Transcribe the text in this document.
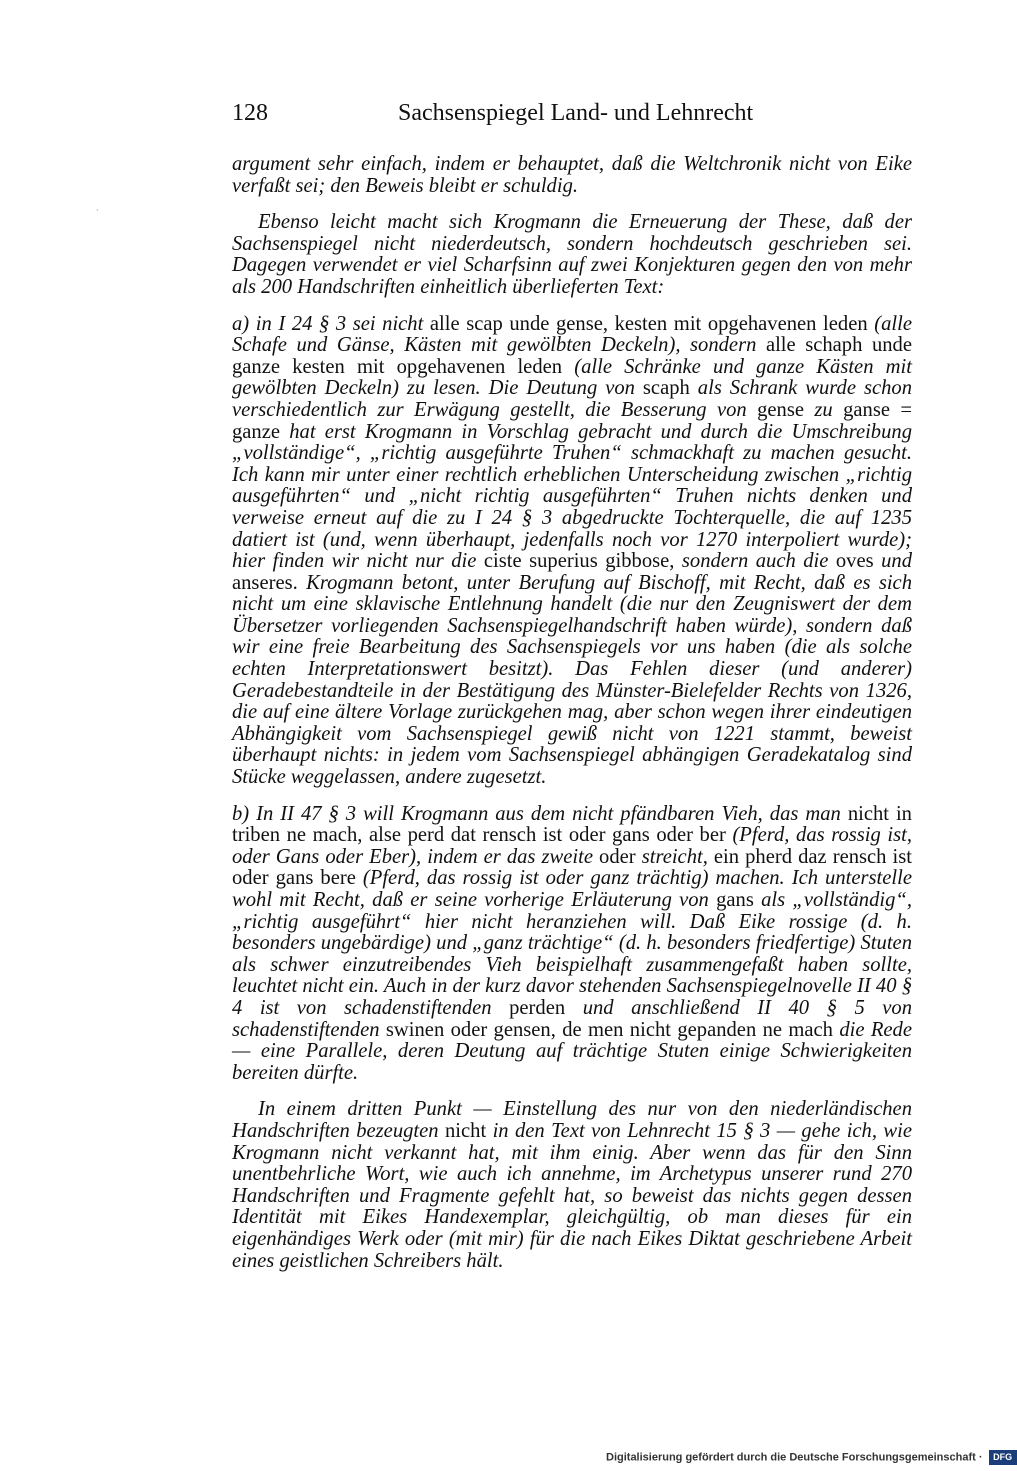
128	Sachsenspiegel Land- und Lehnrecht
`

argument sehr einfach, indem er behauptet, daß die Weltchronik nicht von Eike verfaßt sei; den Beweis bleibt er schuldig.

Ebenso leicht macht sich Krogmann die Erneuerung der These, daß der Sachsenspiegel nicht niederdeutsch, sondern hochdeutsch geschrieben sei. Dagegen verwendet er viel Scharfsinn auf zwei Konjekturen gegen den von mehr als 200 Handschriften einheitlich überlieferten Text:

a) in I 24 § 3 sei nicht alle scap unde gense, kesten mit opgehavenen leden (alle Schafe und Gänse, Kästen mit gewölbten Deckeln), sondern alle schaph unde ganze kesten mit opgehavenen leden (alle Schränke und ganze Kästen mit gewölbten Deckeln) zu lesen. Die Deutung von scaph als Schrank wurde schon verschiedentlich zur Erwägung gestellt, die Besserung von gense zu ganse = ganze hat erst Krogmann in Vorschlag gebracht und durch die Umschreibung „vollständige“, „richtig ausgeführte Truhen“ schmackhaft zu machen gesucht. Ich kann mir unter einer rechtlich erheblichen Unterscheidung zwischen „richtig ausgeführten“ und „nicht richtig ausgeführten“ Truhen nichts denken und verweise erneut auf die zu I 24 § 3 abgedruckte Tochterquelle, die auf 1235 datiert ist (und, wenn überhaupt, jedenfalls noch vor 1270 interpoliert wurde); hier finden wir nicht nur die ciste superius gibbose, sondern auch die oves und anseres. Krogmann betont, unter Berufung auf Bischoff, mit Recht, daß es sich nicht um eine sklavische Entlehnung handelt (die nur den Zeugniswert der dem Übersetzer vorliegenden Sachsenspiegelhandschrift haben würde), sondern daß wir eine freie Bearbeitung des Sachsenspiegels vor uns haben (die als solche echten Interpretationswert besitzt). Das Fehlen dieser (und anderer) Geradebestandteile in der Bestätigung des Münster-Bielefelder Rechts von 1326, die auf eine ältere Vorlage zurückgehen mag, aber schon wegen ihrer eindeutigen Abhängigkeit vom Sachsenspiegel gewiß nicht von 1221 stammt, beweist überhaupt nichts: in jedem vom Sachsenspiegel abhängigen Geradekatalog sind Stücke weggelassen, andere zugesetzt.

b) In II 47 § 3 will Krogmann aus dem nicht pfändbaren Vieh, das man nicht in triben ne mach, alse perd dat rensch ist oder gans oder ber (Pferd, das rossig ist, oder Gans oder Eber), indem er das zweite oder streicht, ein pherd daz rensch ist oder gans bere (Pferd, das rossig ist oder ganz trächtig) machen. Ich unterstelle wohl mit Recht, daß er seine vorherige Erläuterung von gans als „vollständig“, „richtig ausgeführt“ hier nicht heranziehen will. Daß Eike rossige (d. h. besonders ungebärdige) und „ganz trächtige“ (d. h. besonders friedfertige) Stuten als schwer einzutreibendes Vieh beispielhaft zusammengefaßt haben sollte, leuchtet nicht ein. Auch in der kurz davor stehenden Sachsenspiegelnovelle II 40 § 4 ist von schadenstiftenden perden und anschließend II 40 § 5 von schadenstiftenden swinen oder gensen, de men nicht gepanden ne mach die Rede — eine Parallele, deren Deutung auf trächtige Stuten einige Schwierigkeiten bereiten dürfte.

In einem dritten Punkt — Einstellung des nur von den niederländischen Handschriften bezeugten nicht in den Text von Lehnrecht 15 § 3 — gehe ich, wie Krogmann nicht verkannt hat, mit ihm einig. Aber wenn das für den Sinn unentbehrliche Wort, wie auch ich annehme, im Archetypus unserer rund 270 Handschriften und Fragmente gefehlt hat, so beweist das nichts gegen dessen Identität mit Eikes Handexemplar, gleichgültig, ob man dieses für ein eigenhändiges Werk oder (mit mir) für die nach Eikes Diktat geschriebene Arbeit eines geistlichen Schreibers hält.

Digitalisierung gefördert durch die Deutsche Forschungsgemeinschaft · DFG
